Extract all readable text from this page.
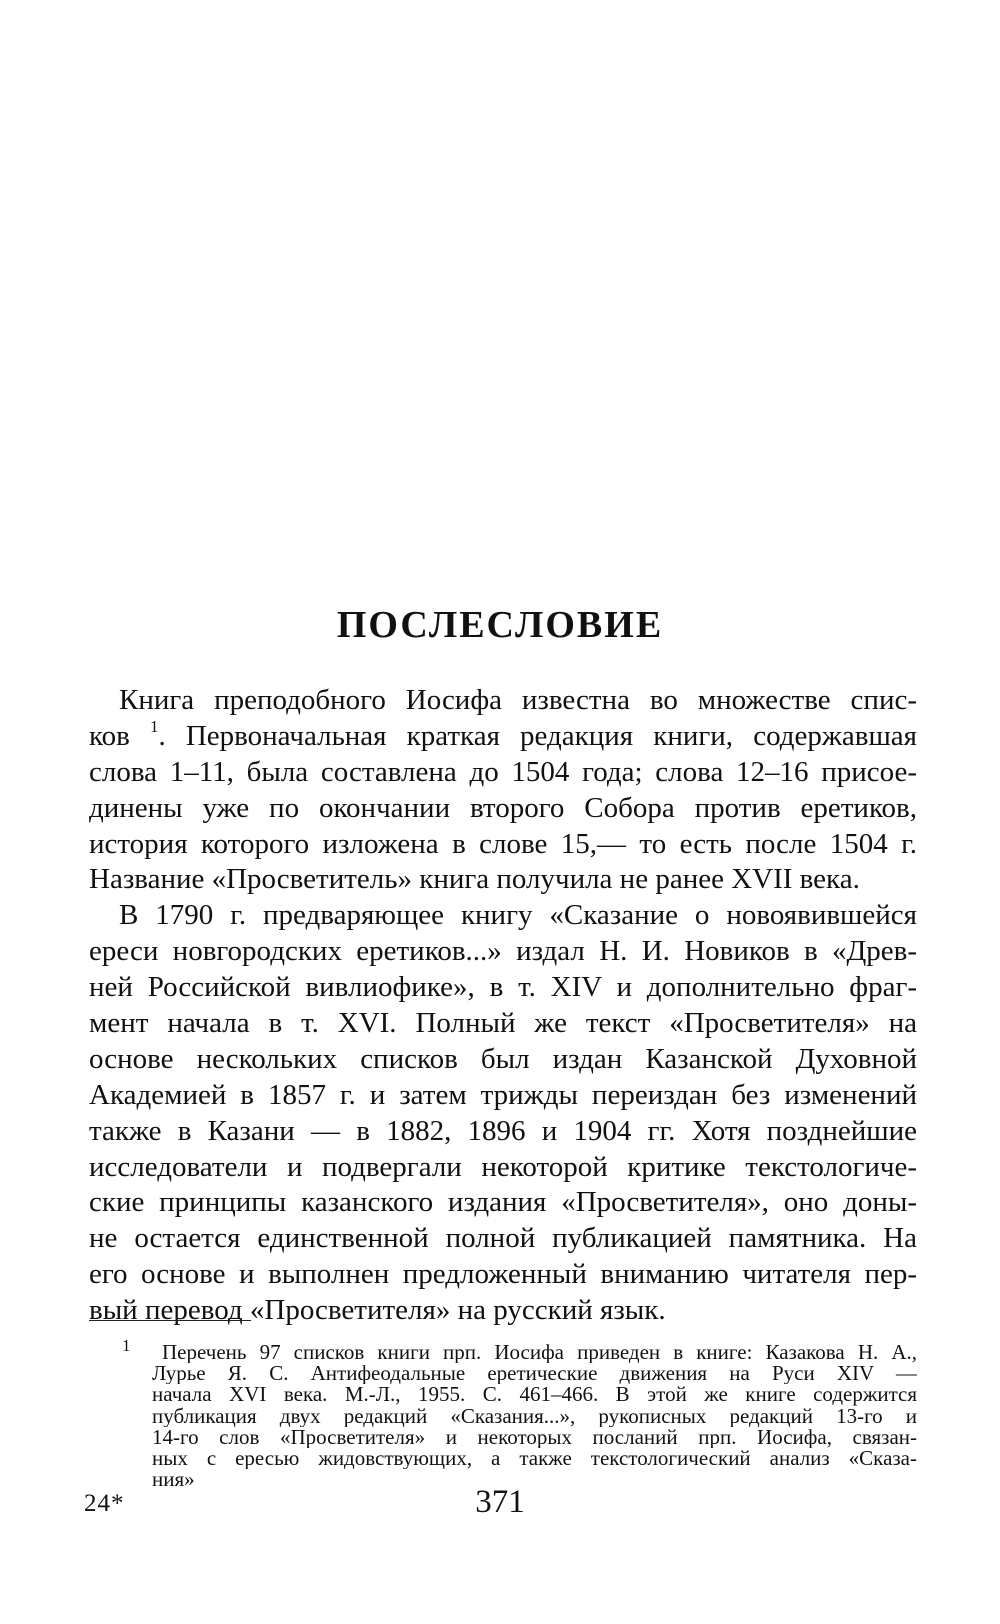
ПОСЛЕСЛОВИЕ
Книга преподобного Иосифа известна во множестве спис-
ков $^1$. Первоначальная краткая редакция книги, содержавшая
слова 1–11, была составлена до 1504 года; слова 12–16 присое-
динены уже по окончании второго Собора против еретиков,
история которого изложена в слове 15,— то есть после 1504 г.
Название «Просветитель» книга получила не ранее XVII века.
В 1790 г. предваряющее книгу «Сказание о новоявившейся
ереси новгородских еретиков...» издал Н. И. Новиков в «Древ-
ней Российской вивлиофике», в т. XIV и дополнительно фраг-
мент начала в т. XVI. Полный же текст «Просветителя» на
основе нескольких списков был издан Казанской Духовной
Академией в 1857 г. и затем трижды переиздан без изменений
также в Казани — в 1882, 1896 и 1904 гг. Хотя позднейшие
исследователи и подвергали некоторой критике текстологиче-
ские принципы казанского издания «Просветителя», оно доны-
не остается единственной полной публикацией памятника. На
его основе и выполнен предложенный вниманию читателя пер-
вый перевод «Просветителя» на русский язык.
1 Перечень 97 списков книги прп. Иосифа приведен в книге: Казакова Н. А.,
Лурье Я. С. Антифеодальные еретические движения на Руси XIV —
начала XVI века. М.-Л., 1955. С. 461–466. В этой же книге содержится
публикация двух редакций «Сказания...», рукописных редакций 13-го и
14-го слов «Просветителя» и некоторых посланий прп. Иосифа, связан-
ных с ересью жидовствующих, а также текстологический анализ «Сказа-
ния»
24*	371
